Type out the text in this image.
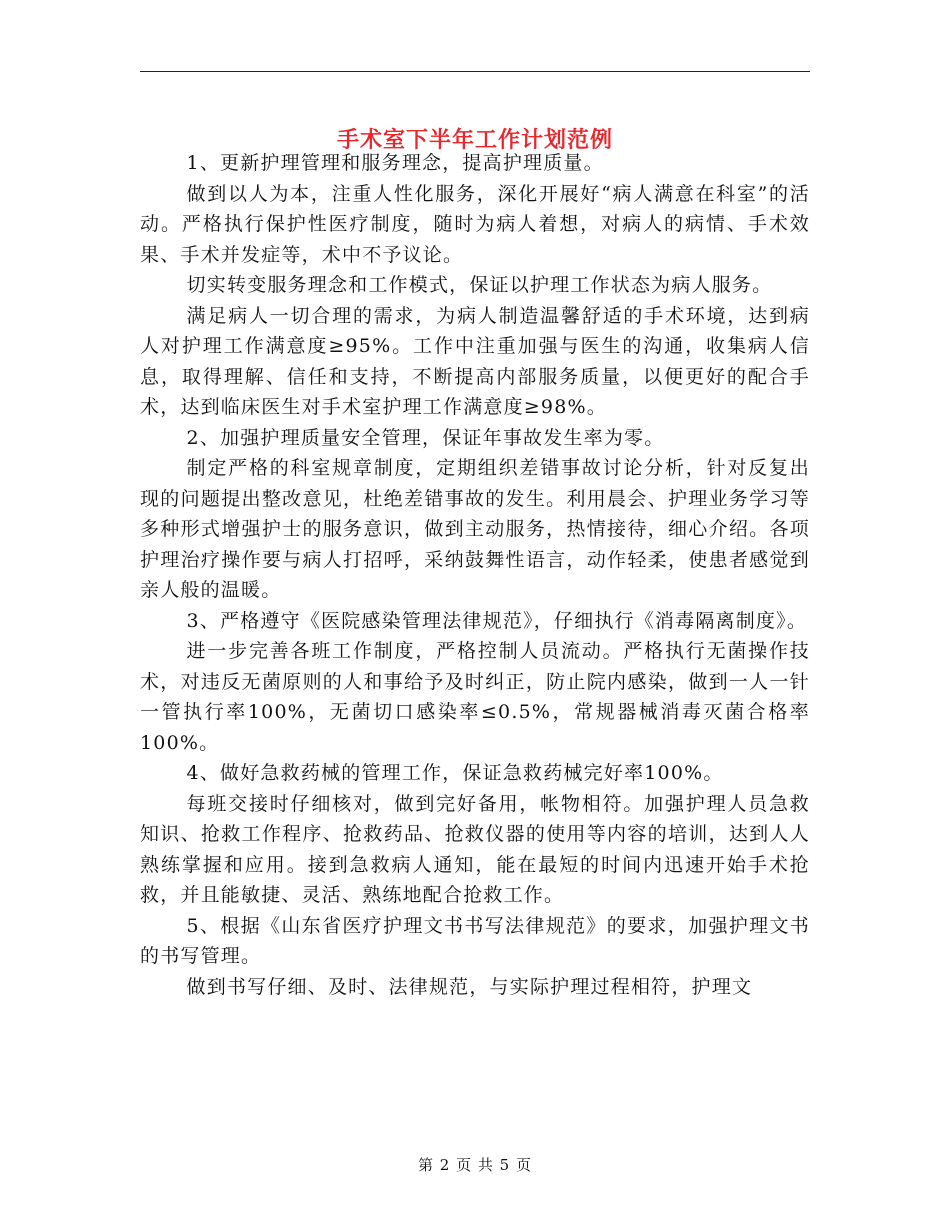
手术室下半年工作计划范例

1、更新护理管理和服务理念，提高护理质量。

做到以人为本，注重人性化服务，深化开展好“病人满意在科室”的活动。严格执行保护性医疗制度，随时为病人着想，对病人的病情、手术效果、手术并发症等，术中不予议论。

切实转变服务理念和工作模式，保证以护理工作状态为病人服务。

满足病人一切合理的需求，为病人制造温馨舒适的手术环境，达到病人对护理工作满意度≥95%。工作中注重加强与医生的沟通，收集病人信息，取得理解、信任和支持，不断提高内部服务质量，以便更好的配合手术，达到临床医生对手术室护理工作满意度≥98%。

2、加强护理质量安全管理，保证年事故发生率为零。

制定严格的科室规章制度，定期组织差错事故讨论分析，针对反复出现的问题提出整改意见，杜绝差错事故的发生。利用晨会、护理业务学习等多种形式增强护士的服务意识，做到主动服务，热情接待，细心介绍。各项护理治疗操作要与病人打招呼，采纳鼓舞性语言，动作轻柔，使患者感觉到亲人般的温暖。

3、严格遵守《医院感染管理法律规范》，仔细执行《消毒隔离制度》。

进一步完善各班工作制度，严格控制人员流动。严格执行无菌操作技术，对违反无菌原则的人和事给予及时纠正，防止院内感染，做到一人一针一管执行率100%，无菌切口感染率≤0.5%，常规器械消毒灭菌合格率100%。

4、做好急救药械的管理工作，保证急救药械完好率100%。

每班交接时仔细核对，做到完好备用，帐物相符。加强护理人员急救知识、抢救工作程序、抢救药品、抢救仪器的使用等内容的培训，达到人人熟练掌握和应用。接到急救病人通知，能在最短的时间内迅速开始手术抢救，并且能敏捷、灵活、熟练地配合抢救工作。

5、根据《山东省医疗护理文书书写法律规范》的要求，加强护理文书的书写管理。

做到书写仔细、及时、法律规范，与实际护理过程相符，护理文

第 2 页 共 5 页
